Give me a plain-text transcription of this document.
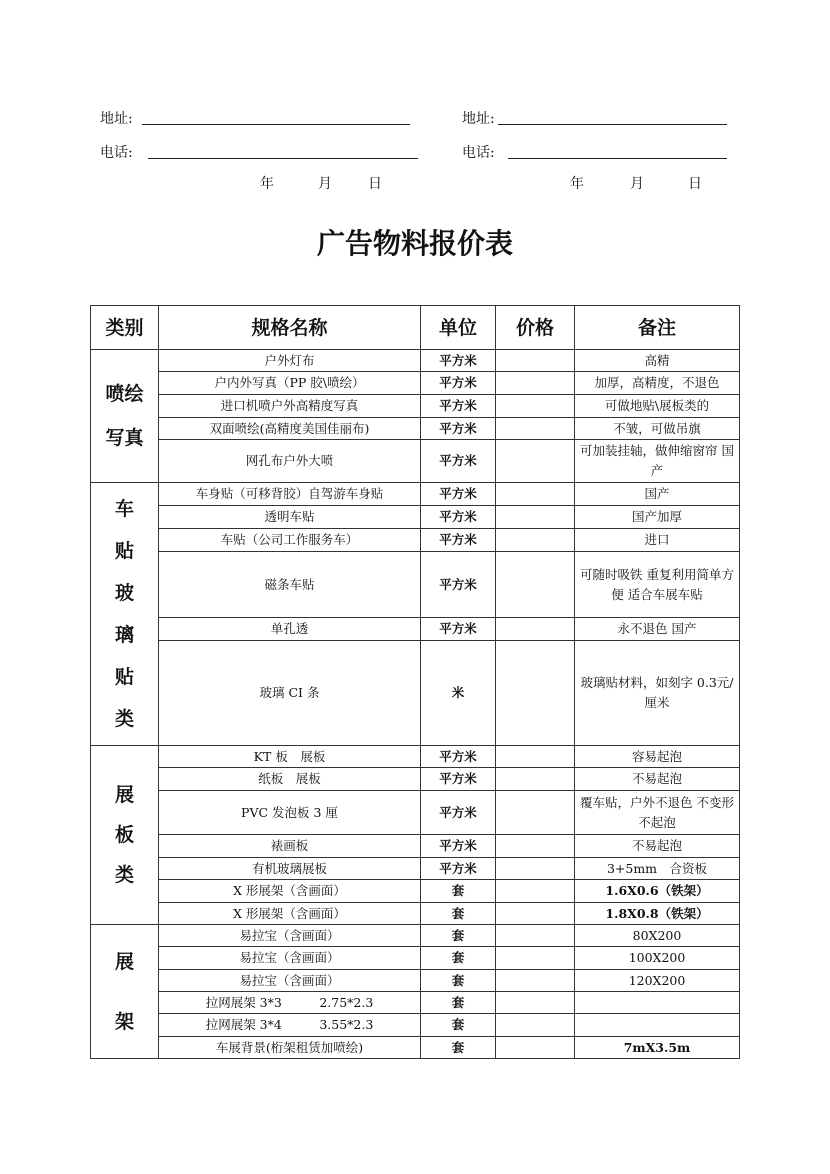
地址:
电话:
地址:
电话:
年	月	日	年	月	日
广告物料报价表
类别	规格名称	单位	价格	备注
喷绘写真	户外灯布	平方米		高精
	户内外写真（PP 胶\喷绘）	平方米		加厚，高精度，不退色
	进口机喷户外高精度写真	平方米		可做地贴\展板类的
	双面喷绘(高精度美国佳丽布)	平方米		不皱，可做吊旗
	网孔布户外大喷	平方米		可加装挂轴，做伸缩窗帘 国产
车贴玻璃贴类	车身贴（可移背胶）自驾游车身贴	平方米		国产
	透明车贴	平方米		国产加厚
	车贴（公司工作服务车）	平方米		进口
	磁条车贴	平方米		可随时吸铁 重复利用简单方便 适合车展车贴
	单孔透	平方米		永不退色 国产
	玻璃 CI 条	米		玻璃贴材料，如刻字 0.3元/厘米
展板类	KT 板　展板	平方米		容易起泡
	纸板　展板	平方米		不易起泡
	PVC 发泡板 3 厘	平方米		覆车贴，户外不退色 不变形 不起泡
	裱画板	平方米		不易起泡
	有机玻璃展板	平方米		3+5mm　合资板
	X 形展架（含画面）	套		1.6X0.6（铁架）
	X 形展架（含画面）	套		1.8X0.8（铁架）
展架	易拉宝（含画面）	套		80X200
	易拉宝（含画面）	套		100X200
	易拉宝（含画面）	套		120X200
	拉网展架 3*3　　　2.75*2.3	套		
	拉网展架 3*4　　　3.55*2.3	套		
	车展背景(桁架租赁加喷绘)	套		7mX3.5m
